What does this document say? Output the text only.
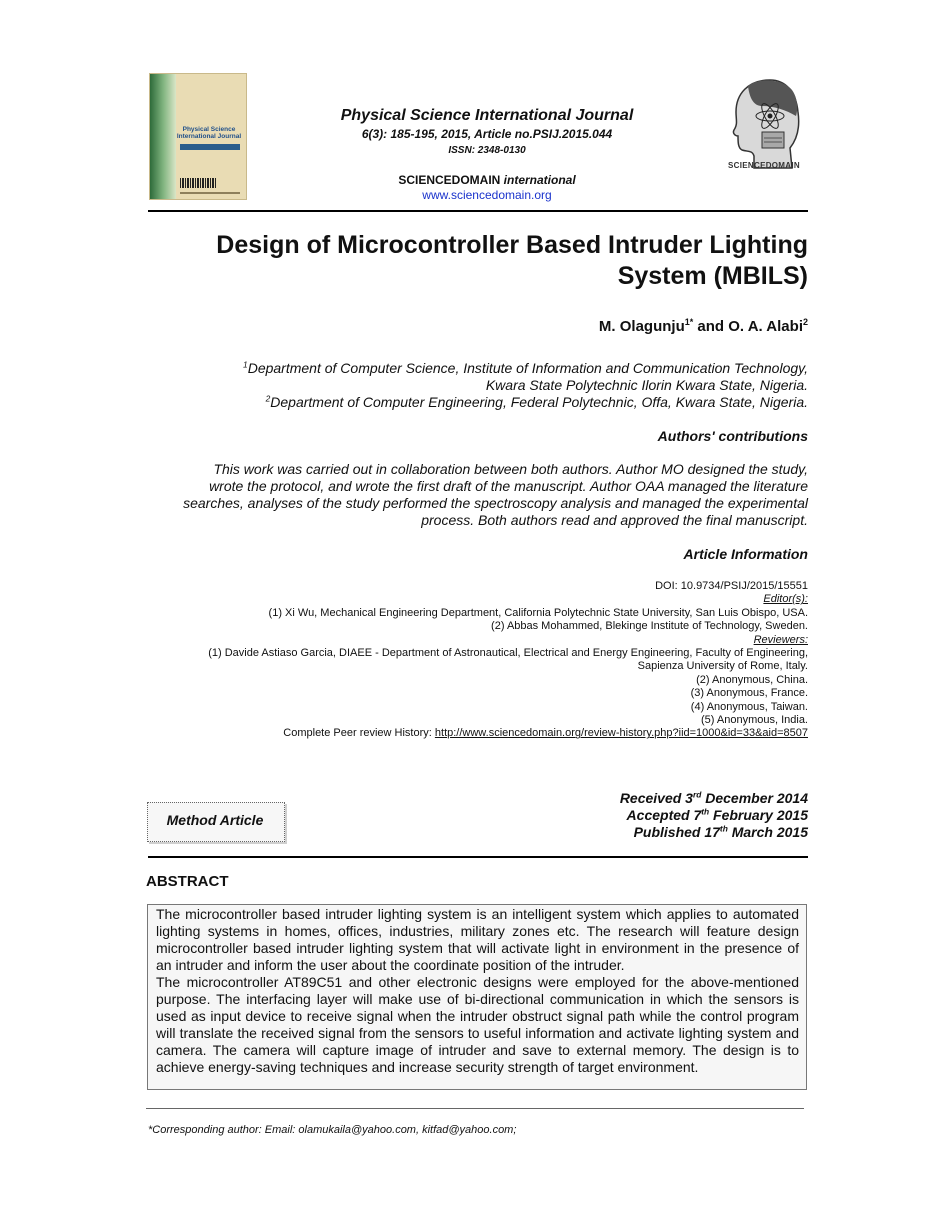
Physical Science International Journal
Physical Science International Journal
6(3): 185-195, 2015, Article no.PSIJ.2015.044
ISSN: 2348-0130
SCIENCEDOMAIN international
www.sciencedomain.org
SCIENCEDOMAIN
Design of Microcontroller Based Intruder Lighting
System (MBILS)
M. Olagunju$^{1*}$ and O. A. Alabi$^2$
$^1$Department of Computer Science, Institute of Information and Communication Technology,
Kwara State Polytechnic Ilorin Kwara State, Nigeria.
$^2$Department of Computer Engineering, Federal Polytechnic, Offa, Kwara State, Nigeria.
Authors' contributions
This work was carried out in collaboration between both authors. Author MO designed the study,
wrote the protocol, and wrote the first draft of the manuscript. Author OAA managed the literature
searches, analyses of the study performed the spectroscopy analysis and managed the experimental
process. Both authors read and approved the final manuscript.
Article Information
DOI: 10.9734/PSIJ/2015/15551
Editor(s):
(1) Xi Wu, Mechanical Engineering Department, California Polytechnic State University, San Luis Obispo, USA.
(2) Abbas Mohammed, Blekinge Institute of Technology, Sweden.
Reviewers:
(1) Davide Astiaso Garcia, DIAEE - Department of Astronautical, Electrical and Energy Engineering, Faculty of Engineering,
Sapienza University of Rome, Italy.
(2) Anonymous, China.
(3) Anonymous, France.
(4) Anonymous, Taiwan.
(5) Anonymous, India.
Complete Peer review History: http://www.sciencedomain.org/review-history.php?iid=1000&id=33&aid=8507
Method Article
Received 3rd December 2014
Accepted 7th February 2015
Published 17th March 2015
ABSTRACT
The microcontroller based intruder lighting system is an intelligent system which applies to automated lighting systems in homes, offices, industries, military zones etc. The research will feature design microcontroller based intruder lighting system that will activate light in environment in the presence of an intruder and inform the user about the coordinate position of the intruder.
The microcontroller AT89C51 and other electronic designs were employed for the above-mentioned purpose. The interfacing layer will make use of bi-directional communication in which the sensors is used as input device to receive signal when the intruder obstruct signal path while the control program will translate the received signal from the sensors to useful information and activate lighting system and camera. The camera will capture image of intruder and save to external memory. The design is to achieve energy-saving techniques and increase security strength of target environment.
*Corresponding author: Email: olamukaila@yahoo.com, kitfad@yahoo.com;
